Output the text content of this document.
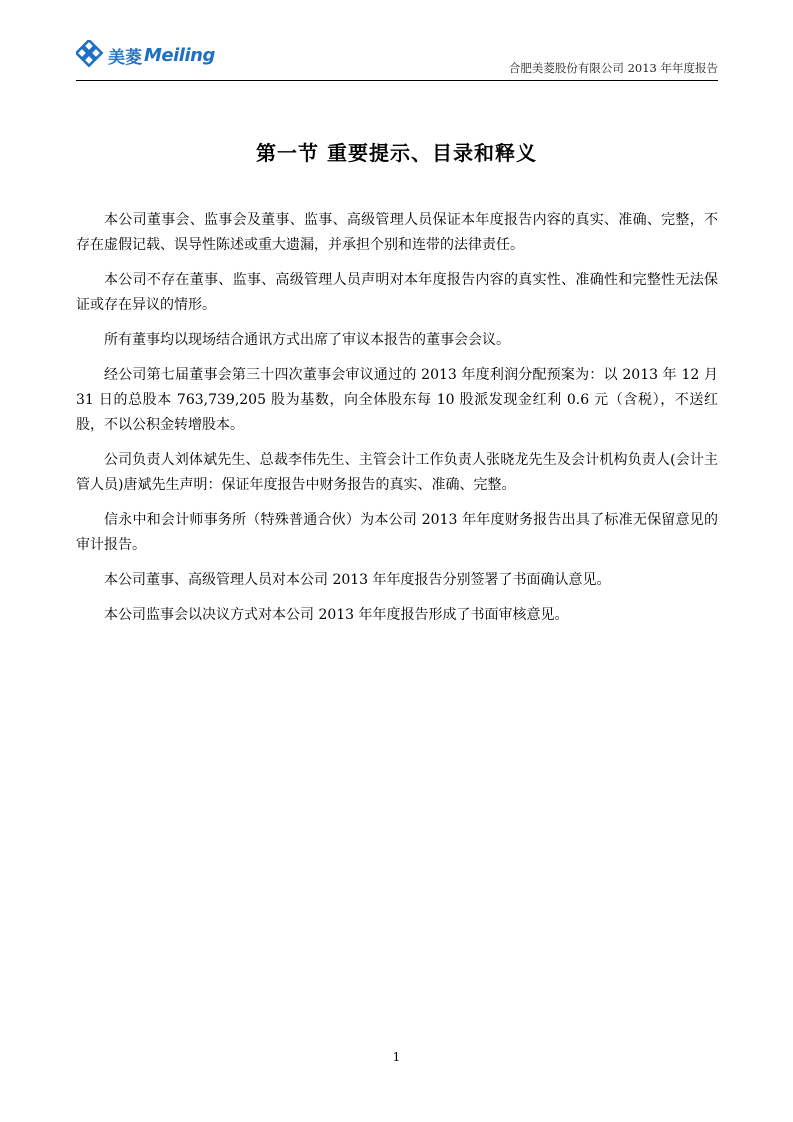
美菱 Meiling
合肥美菱股份有限公司 2013 年年度报告
第一节 重要提示、目录和释义

本公司董事会、监事会及董事、监事、高级管理人员保证本年度报告内容的真实、准确、完整，不存在虚假记载、误导性陈述或重大遗漏，并承担个别和连带的法律责任。

本公司不存在董事、监事、高级管理人员声明对本年度报告内容的真实性、准确性和完整性无法保证或存在异议的情形。

所有董事均以现场结合通讯方式出席了审议本报告的董事会会议。

经公司第七届董事会第三十四次董事会审议通过的 2013 年度利润分配预案为：以 2013 年 12 月 31 日的总股本 763,739,205 股为基数，向全体股东每 10 股派发现金红利 0.6 元（含税），不送红股，不以公积金转增股本。

公司负责人刘体斌先生、总裁李伟先生、主管会计工作负责人张晓龙先生及会计机构负责人(会计主管人员)唐斌先生声明：保证年度报告中财务报告的真实、准确、完整。

信永中和会计师事务所（特殊普通合伙）为本公司 2013 年年度财务报告出具了标准无保留意见的审计报告。

本公司董事、高级管理人员对本公司 2013 年年度报告分别签署了书面确认意见。

本公司监事会以决议方式对本公司 2013 年年度报告形成了书面审核意见。

1
